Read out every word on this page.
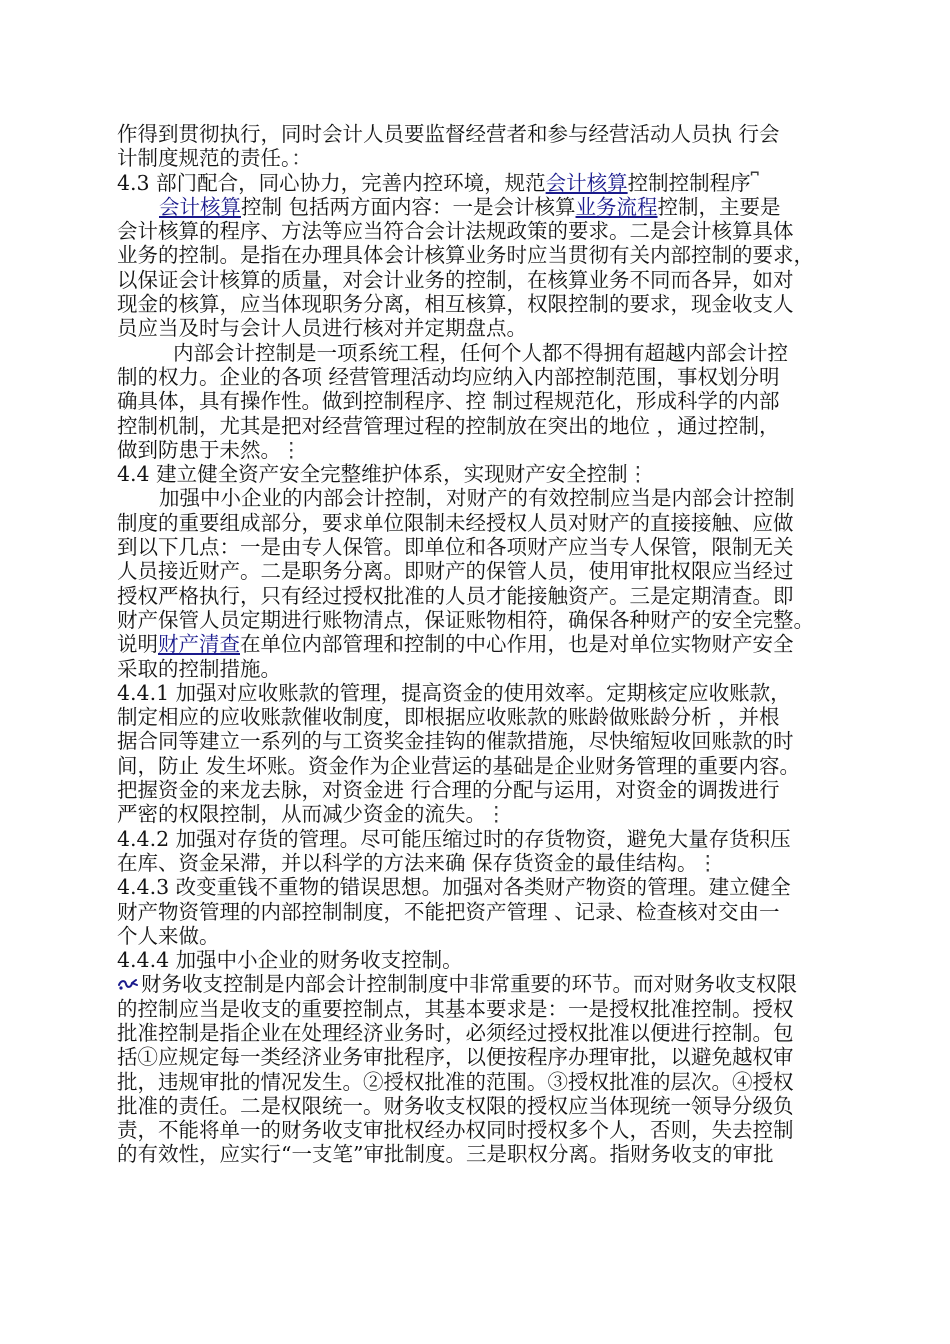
作得到贯彻执行，同时会计人员要监督经营者和参与经营活动人员执 行会
计制度规范的责任。：
4.3 部门配合，同心协力，完善内控环境，规范会计核算控制控制程序⎴
会计核算控制 包括两方面内容：一是会计核算业务流程控制，主要是
会计核算的程序、方法等应当符合会计法规政策的要求。二是会计核算具体
业务的控制。是指在办理具体会计核算业务时应当贯彻有关内部控制的要求，
以保证会计核算的质量，对会计业务的控制，在核算业务不同而各异，如对
现金的核算，应当体现职务分离，相互核算，权限控制的要求，现金收支人
员应当及时与会计人员进行核对并定期盘点。
内部会计控制是一项系统工程，任何个人都不得拥有超越内部会计控
制的权力。企业的各项 经营管理活动均应纳入内部控制范围，事权划分明
确具体，具有操作性。做到控制程序、控 制过程规范化，形成科学的内部
控制机制，尤其是把对经营管理过程的控制放在突出的地位 ，通过控制，
做到防患于未然。⋮
4.4 建立健全资产安全完整维护体系，实现财产安全控制⋮
加强中小企业的内部会计控制，对财产的有效控制应当是内部会计控制
制度的重要组成部分，要求单位限制未经授权人员对财产的直接接触、应做
到以下几点：一是由专人保管。即单位和各项财产应当专人保管，限制无关
人员接近财产。二是职务分离。即财产的保管人员，使用审批权限应当经过
授权严格执行，只有经过授权批准的人员才能接触资产。三是定期清查。即
财产保管人员定期进行账物清点，保证账物相符，确保各种财产的安全完整。
说明财产清查在单位内部管理和控制的中心作用，也是对单位实物财产安全
采取的控制措施。
4.4.1 加强对应收账款的管理，提高资金的使用效率。定期核定应收账款，
制定相应的应收账款催收制度，即根据应收账款的账龄做账龄分析 ，并根
据合同等建立一系列的与工资奖金挂钩的催款措施，尽快缩短收回账款的时
间，防止 发生坏账。资金作为企业营运的基础是企业财务管理的重要内容。
把握资金的来龙去脉，对资金进 行合理的分配与运用，对资金的调拨进行
严密的权限控制，从而减少资金的流失。⋮
4.4.2 加强对存货的管理。尽可能压缩过时的存货物资，避免大量存货积压
在库、资金呆滞，并以科学的方法来确 保存货资金的最佳结构。⋮
4.4.3 改变重钱不重物的错误思想。加强对各类财产物资的管理。建立健全
财产物资管理的内部控制制度，不能把资产管理 、记录、检查核对交由一
个人来做。
4.4.4 加强中小企业的财务收支控制。
财务收支控制是内部会计控制制度中非常重要的环节。而对财务收支权限
的控制应当是收支的重要控制点，其基本要求是：一是授权批准控制。授权
批准控制是指企业在处理经济业务时，必须经过授权批准以便进行控制。包
括①应规定每一类经济业务审批程序，以便按程序办理审批，以避免越权审
批，违规审批的情况发生。②授权批准的范围。③授权批准的层次。④授权
批准的责任。二是权限统一。财务收支权限的授权应当体现统一领导分级负
责，不能将单一的财务收支审批权经办权同时授权多个人，否则，失去控制
的有效性，应实行“一支笔”审批制度。三是职权分离。指财务收支的审批
